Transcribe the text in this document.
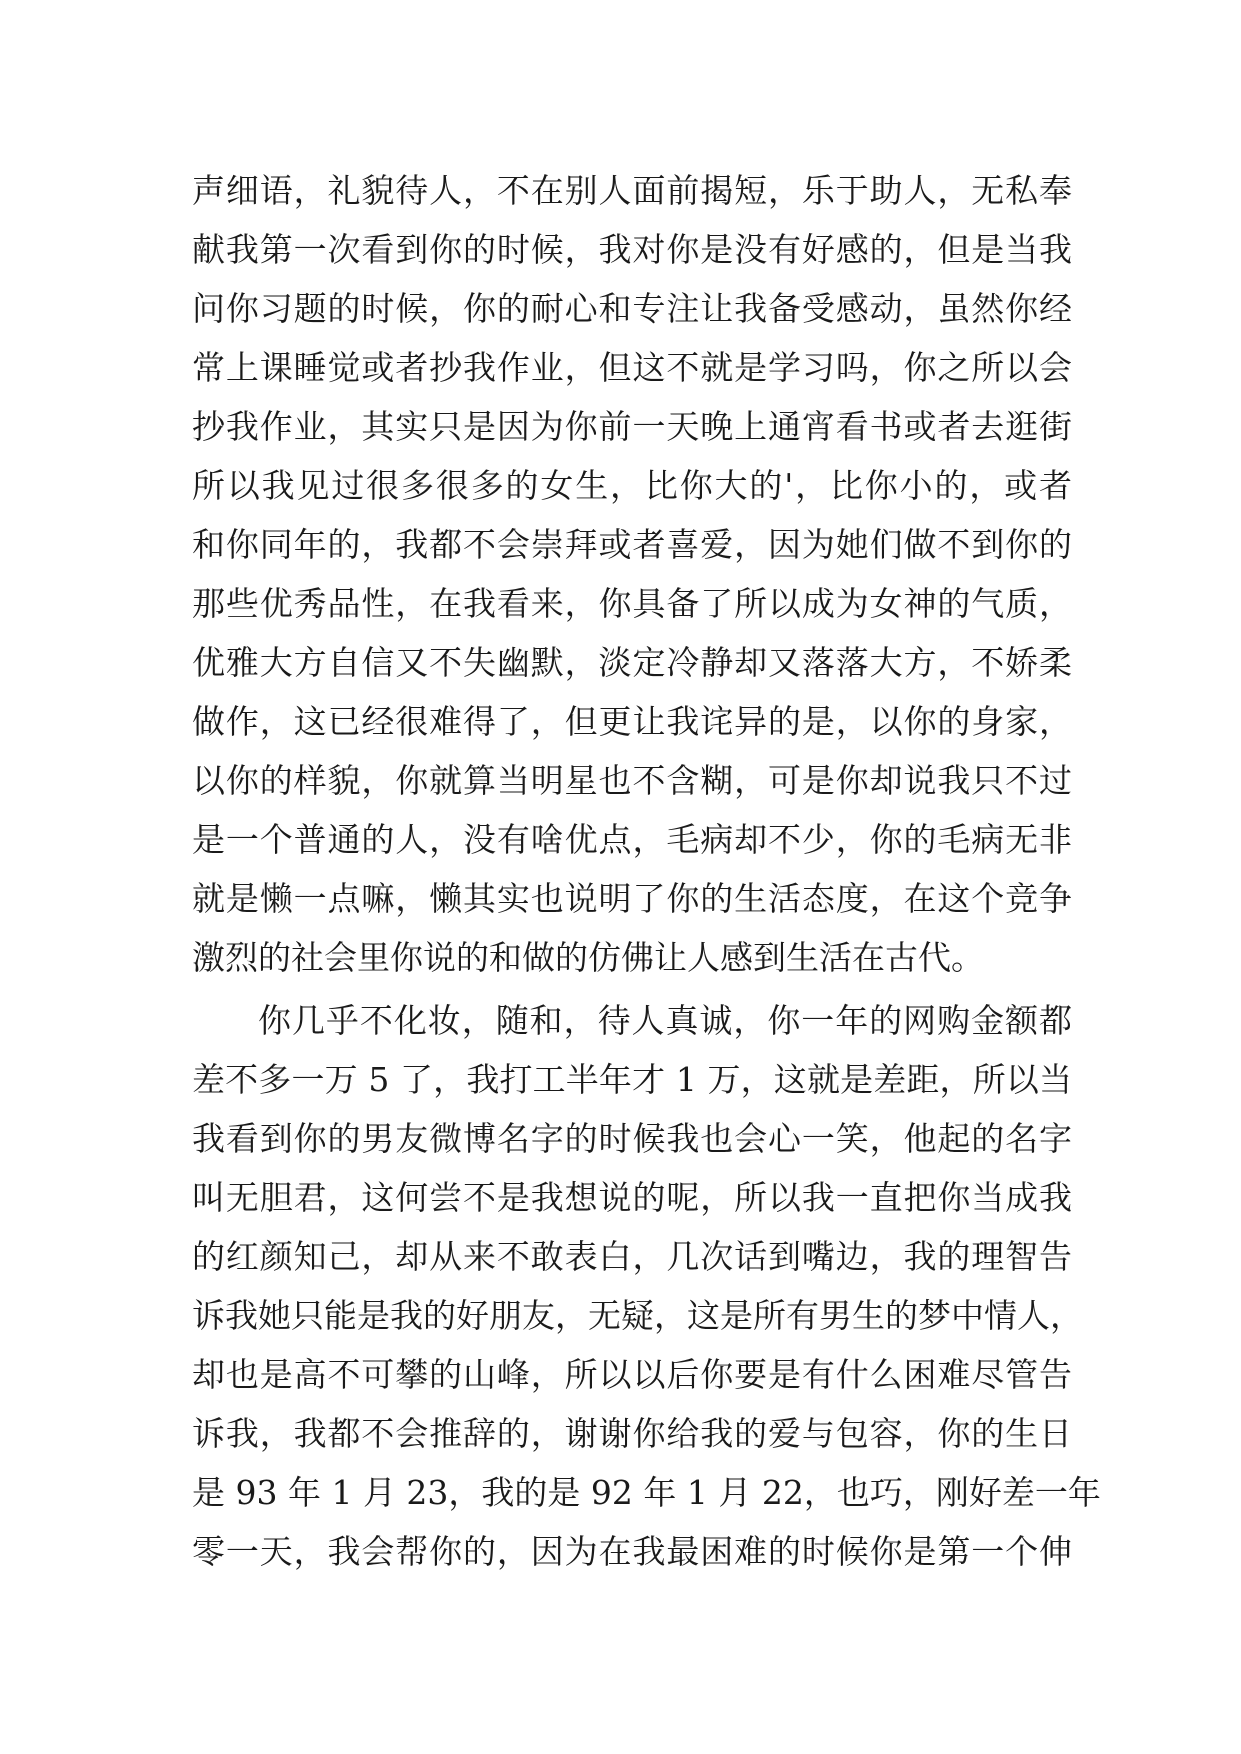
声细语，礼貌待人，不在别人面前揭短，乐于助人，无私奉
献我第一次看到你的时候，我对你是没有好感的，但是当我
问你习题的时候，你的耐心和专注让我备受感动，虽然你经
常上课睡觉或者抄我作业，但这不就是学习吗，你之所以会
抄我作业，其实只是因为你前一天晚上通宵看书或者去逛街
所以我见过很多很多的女生，比你大的'，比你小的，或者
和你同年的，我都不会崇拜或者喜爱，因为她们做不到你的
那些优秀品性，在我看来，你具备了所以成为女神的气质，
优雅大方自信又不失幽默，淡定冷静却又落落大方，不娇柔
做作，这已经很难得了，但更让我诧异的是，以你的身家，
以你的样貌，你就算当明星也不含糊，可是你却说我只不过
是一个普通的人，没有啥优点，毛病却不少，你的毛病无非
就是懒一点嘛，懒其实也说明了你的生活态度，在这个竞争
激烈的社会里你说的和做的仿佛让人感到生活在古代。
你几乎不化妆，随和，待人真诚，你一年的网购金额都
差不多一万 5 了，我打工半年才 1 万，这就是差距，所以当
我看到你的男友微博名字的时候我也会心一笑，他起的名字
叫无胆君，这何尝不是我想说的呢，所以我一直把你当成我
的红颜知己，却从来不敢表白，几次话到嘴边，我的理智告
诉我她只能是我的好朋友，无疑，这是所有男生的梦中情人，
却也是高不可攀的山峰，所以以后你要是有什么困难尽管告
诉我，我都不会推辞的，谢谢你给我的爱与包容，你的生日
是 93 年 1 月 23，我的是 92 年 1 月 22，也巧，刚好差一年
零一天，我会帮你的，因为在我最困难的时候你是第一个伸
